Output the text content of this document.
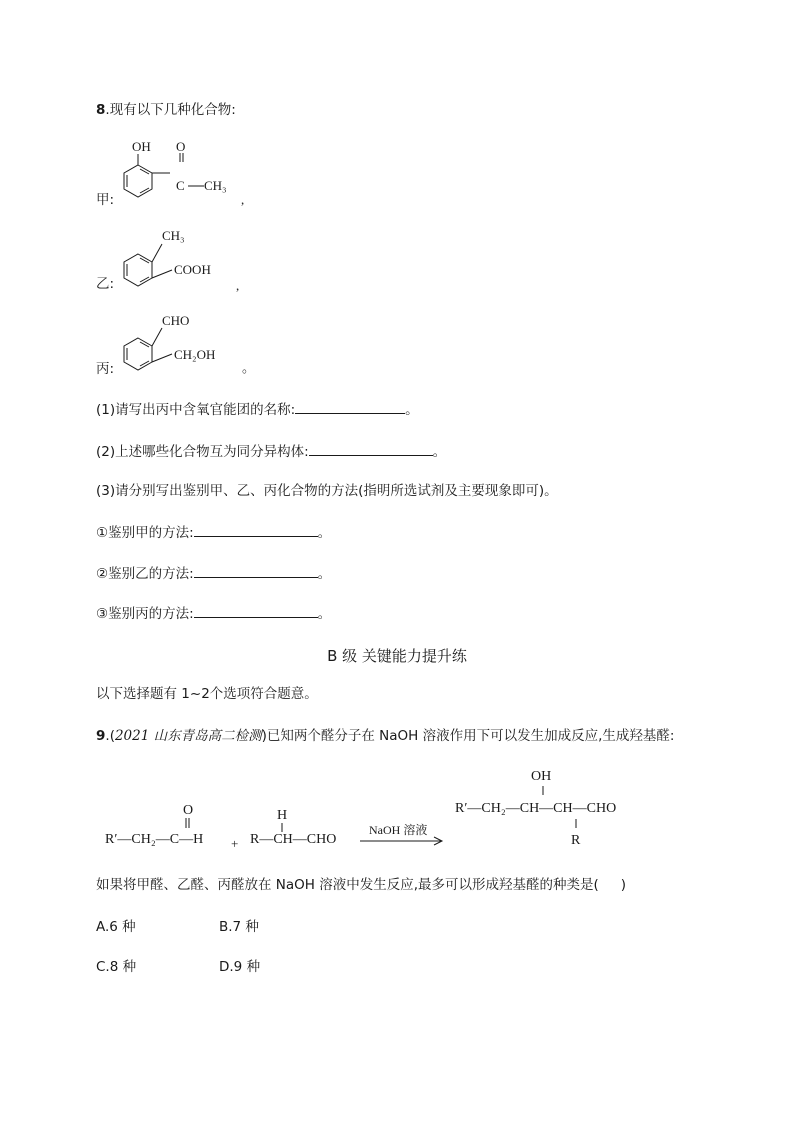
8.现有以下几种化合物:
甲:
OH O
C CH₃
,
乙:
CH₃
COOH
,
丙:
CHO
CH₂OH
。
(1)请写出丙中含氧官能团的名称:	。
(2)上述哪些化合物互为同分异构体:	。
(3)请分别写出鉴别甲、乙、丙化合物的方法(指明所选试剂及主要现象即可)。
①鉴别甲的方法:	。
②鉴别乙的方法:	。
③鉴别丙的方法:	。
B 级 关键能力提升练
以下选择题有 1~2个选项符合题意。
9.(2021 山东青岛高二检测)已知两个醛分子在 NaOH 溶液作用下可以发生加成反应,生成羟基醛:
O
R′—CH₂—C—H +
H
R—CH—CHO
NaOH 溶液
OH
R′—CH₂—CH—CH—CHO
R
如果将甲醛、乙醛、丙醛放在 NaOH 溶液中发生反应,最多可以形成羟基醛的种类是( )
A.6 种	B.7 种
C.8 种	D.9 种
